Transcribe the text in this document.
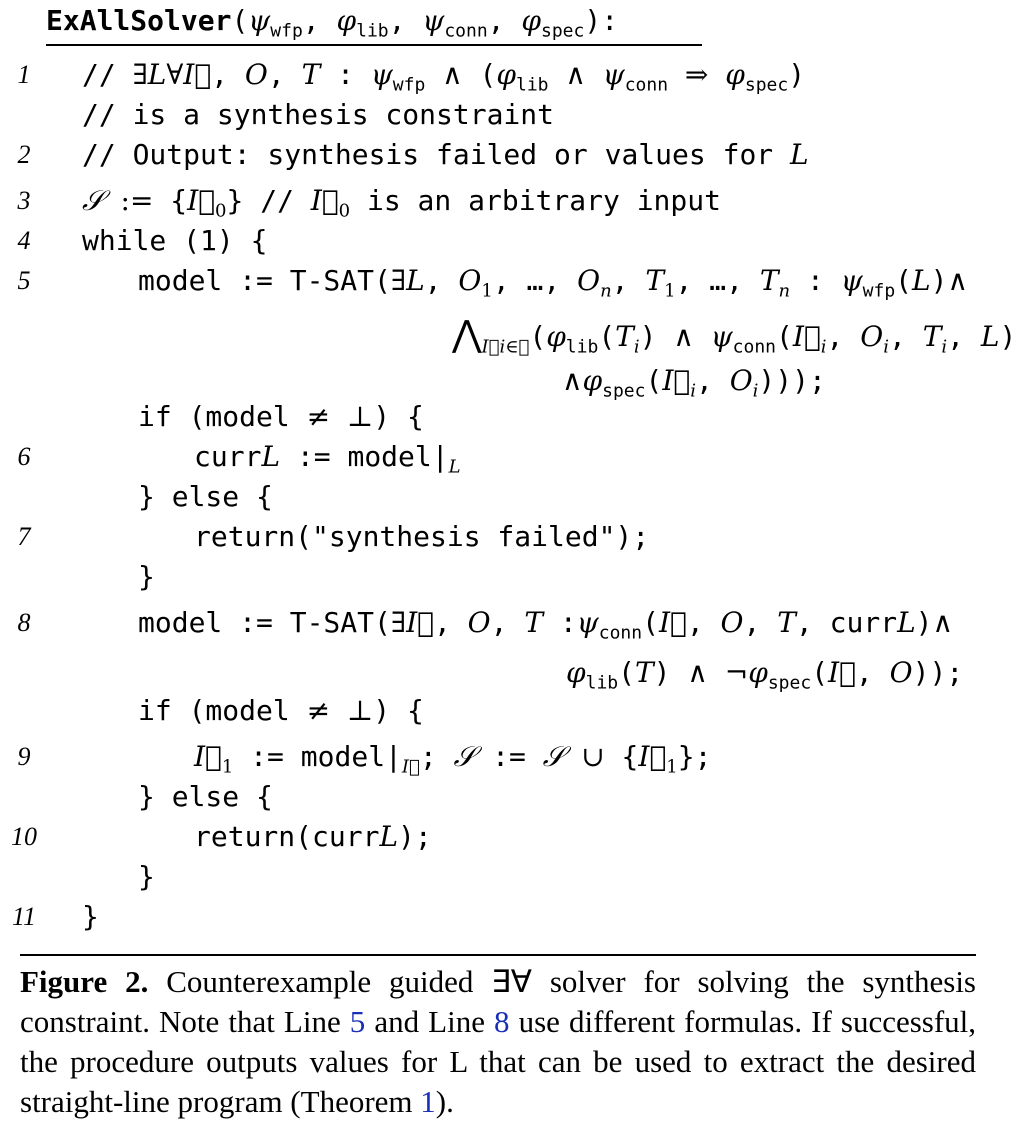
$ExAllSolver(\psi_{wfp}$, $\varphi_{lib}$, $\psi_{conn}$, $\varphi_{spec}$):
1
2
3
4
5
6
7
8
9
10
11
// ∃L∀I⃗, O, T : $\psi_{wfp}$ ∧ ($\varphi_{lib}$ ∧ $\psi_{conn}$ ⇒ $\varphi_{spec}$)
// is a synthesis constraint
// Output: synthesis failed or values for L
𝒮 := $\{I⃗_0\}$ // $I⃗_0$ is an arbitrary input
while (1) {
model := T-SAT(∃L, $O_1$, …, $O_n$, $T_1$, …, $T_n$ : $\psi_{wfp}(L)\wedge$
$⋀_{I⃗i\in 𝒮}(\varphi_{lib}(T_i)$ ∧ $\psi_{conn}(I⃗_i$, $O_i$, $T_i$, L)
$\wedge\varphi_{spec}(I⃗_i$, $O_i$)));
if (model ≠ ⊥) {
currL := $model|_L$
} else {
return("synthesis failed");
}
model := T-SAT(∃I⃗, O, T $:\psi_{conn}(I⃗$, O, T, currL)∧
$\varphi_{lib}(T)$ ∧ $\neg\varphi_{spec}(I⃗$, O));
if (model ≠ ⊥) {
$I⃗_1$ := $model|_{I⃗}$; 𝒮 := 𝒮 ∪ $\{I⃗_1\}$;
} else {
return(currL);
}
}
Figure 2. Counterexample guided ∃∀ solver for solving the synthesis constraint. Note that Line 5 and Line 8 use different formulas. If successful, the procedure outputs values for L that can be used to extract the desired straight-line program (Theorem 1).
